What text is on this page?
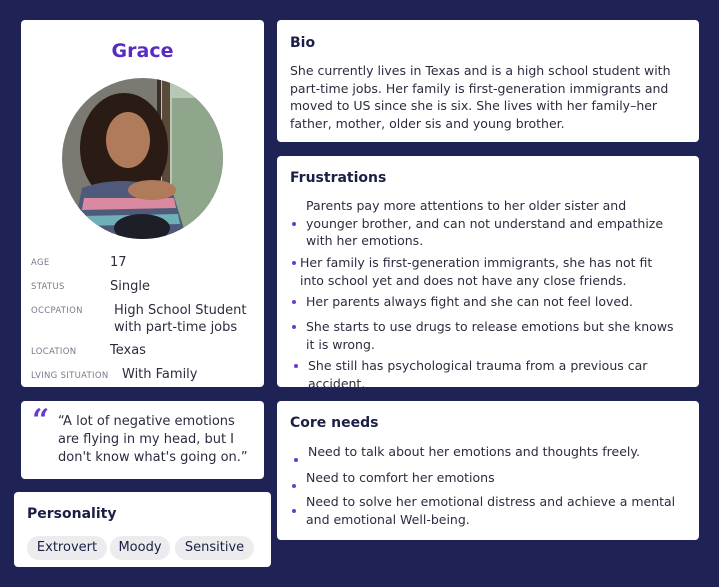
Grace
AGE	17
STATUS	Single
OCCPATION High School Student with part-time jobs
LOCATION	Texas
LVING SITUATION With Family
Bio
She currently lives in Texas and is a high school student with part-time jobs. Her family is first-generation immigrants and moved to US since she is six. She lives with her family–her father, mother, older sis and young brother.
Frustrations
Parents pay more attentions to her older sister and younger brother, and can not understand and empathize with her emotions.
Her family is first-generation immigrants, she has not fit into school yet and does not have any close friends.
Her parents always fight and she can not feel loved.
She starts to use drugs to release emotions but she knows it is wrong.
She still has psychological trauma from a previous car accident.
“ “A lot of negative emotions are flying in my head, but I don't know what's going on.”
Core needs
Need to talk about her emotions and thoughts freely.
Need to comfort her emotions
Need to solve her emotional distress and achieve a mental and emotional Well-being.
Personality
Extrovert	Moody	Sensitive
